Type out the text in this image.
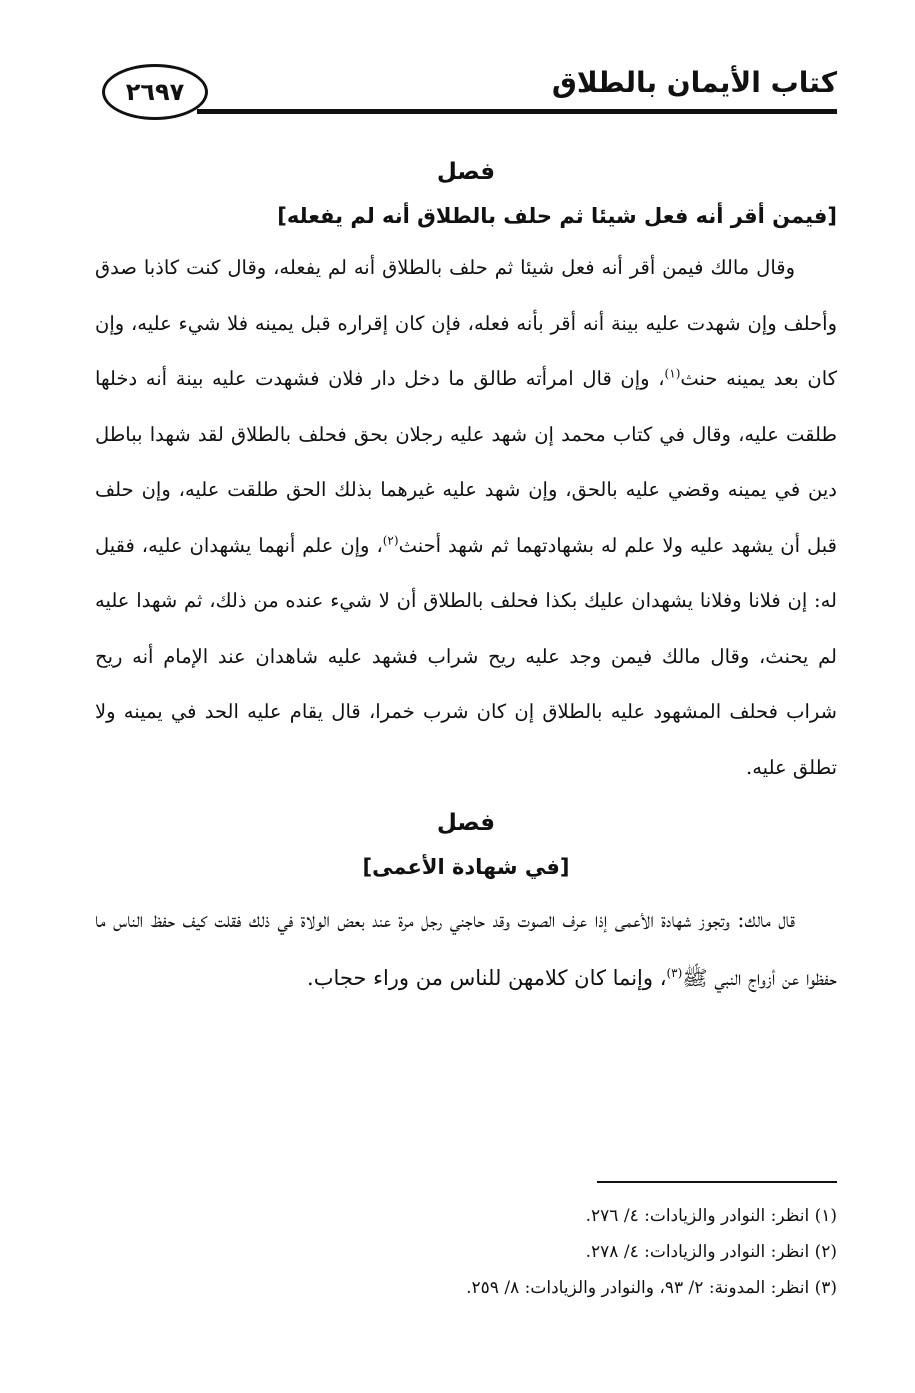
٢٦٩٧	كتاب الأيمان بالطلاق
فصل
[فيمن أقر أنه فعل شيئا ثم حلف بالطلاق أنه لم يفعله]

وقال مالك فيمن أقر أنه فعل شيئا ثم حلف بالطلاق أنه لم يفعله، وقال كنت كاذبا صدق وأحلف وإن شهدت عليه بينة أنه أقر بأنه فعله، فإن كان إقراره قبل يمينه فلا شيء عليه، وإن كان بعد يمينه حنث$^{(١)}$، وإن قال امرأته طالق ما دخل دار فلان فشهدت عليه بينة أنه دخلها طلقت عليه، وقال في كتاب محمد إن شهد عليه رجلان بحق فحلف بالطلاق لقد شهدا بباطل دين في يمينه وقضي عليه بالحق، وإن شهد عليه غيرهما بذلك الحق طلقت عليه، وإن حلف قبل أن يشهد عليه ولا علم له بشهادتهما ثم شهد أحنث$^{(٢)}$، وإن علم أنهما يشهدان عليه، فقيل له: إن فلانا وفلانا يشهدان عليك بكذا فحلف بالطلاق أن لا شيء عنده من ذلك، ثم شهدا عليه لم يحنث، وقال مالك فيمن وجد عليه ريح شراب فشهد عليه شاهدان عند الإمام أنه ريح شراب فحلف المشهود عليه بالطلاق إن كان شرب خمرا، قال يقام عليه الحد في يمينه ولا تطلق عليه.

فصل
[في شهادة الأعمى]

قال مالك: وتجوز شهادة الأعمى إذا عرف الصوت وقد حاجني رجل مرة عند بعض الولاة في ذلك فقلت كيف حفظ الناس ما حفظوا عن أزواج النبي ﷺ$^{(٣)}$، وإنما كان كلامهن للناس من وراء حجاب.

(١) انظر: النوادر والزيادات: ٤/ ٢٧٦.

(٢) انظر: النوادر والزيادات: ٤/ ٢٧٨.

(٣) انظر: المدونة: ٢/ ٩٣، والنوادر والزيادات: ٨/ ٢٥٩.
